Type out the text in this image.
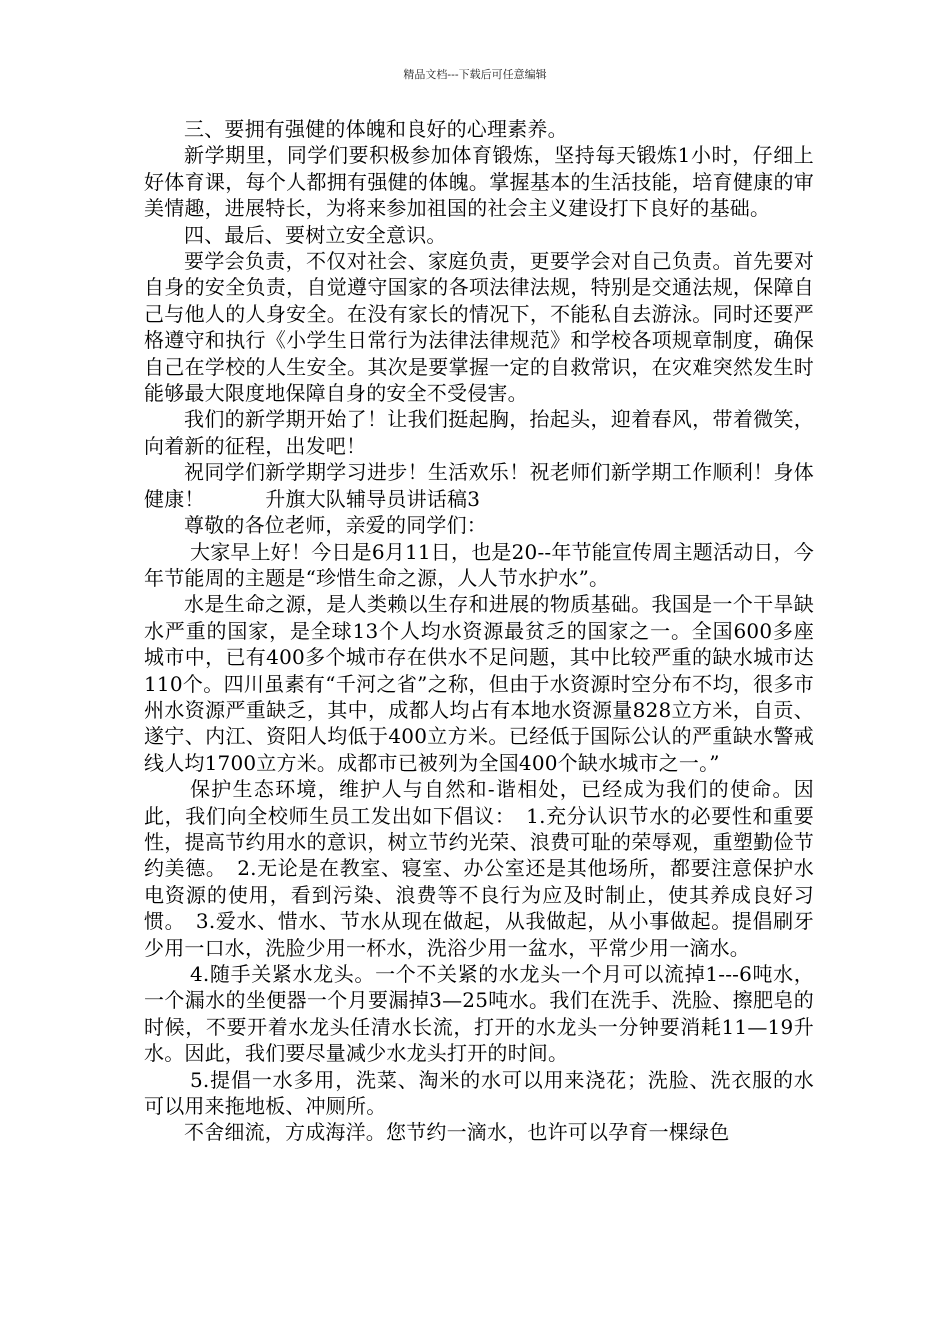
精品文档---下载后可任意编辑

三、要拥有强健的体魄和良好的心理素养。

新学期里，同学们要积极参加体育锻炼，坚持每天锻炼1小时，仔细上好体育课，每个人都拥有强健的体魄。掌握基本的生活技能，培育健康的审美情趣，进展特长，为将来参加祖国的社会主义建设打下良好的基础。

四、最后、要树立安全意识。

要学会负责，不仅对社会、家庭负责，更要学会对自己负责。首先要对自身的安全负责，自觉遵守国家的各项法律法规，特别是交通法规，保障自己与他人的人身安全。在没有家长的情况下，不能私自去游泳。同时还要严格遵守和执行《小学生日常行为法律法律规范》和学校各项规章制度，确保自己在学校的人生安全。其次是要掌握一定的自救常识，在灾难突然发生时能够最大限度地保障自身的安全不受侵害。

我们的新学期开始了！让我们挺起胸，抬起头，迎着春风，带着微笑，向着新的征程，出发吧！

祝同学们新学期学习进步！生活欢乐！祝老师们新学期工作顺利！身体健康！　　　升旗大队辅导员讲话稿3

尊敬的各位老师，亲爱的同学们：

大家早上好！今日是6月11日，也是20--年节能宣传周主题活动日，今年节能周的主题是“珍惜生命之源，人人节水护水”。

水是生命之源，是人类赖以生存和进展的物质基础。我国是一个干旱缺水严重的国家，是全球13个人均水资源最贫乏的国家之一。全国600多座城市中，已有400多个城市存在供水不足问题，其中比较严重的缺水城市达110个。四川虽素有“千河之省”之称，但由于水资源时空分布不均，很多市州水资源严重缺乏，其中，成都人均占有本地水资源量828立方米，自贡、遂宁、内江、资阳人均低于400立方米。已经低于国际公认的严重缺水警戒线人均1700立方米。成都市已被列为全国400个缺水城市之一。”

保护生态环境，维护人与自然和-谐相处，已经成为我们的使命。因此，我们向全校师生员工发出如下倡议：　1.充分认识节水的必要性和重要性，提高节约用水的意识，树立节约光荣、浪费可耻的荣辱观，重塑勤俭节约美德。　2.无论是在教室、寝室、办公室还是其他场所，都要注意保护水电资源的使用，看到污染、浪费等不良行为应及时制止，使其养成良好习惯。　3.爱水、惜水、节水从现在做起，从我做起，从小事做起。提倡刷牙少用一口水，洗脸少用一杯水，洗浴少用一盆水，平常少用一滴水。

4.随手关紧水龙头。一个不关紧的水龙头一个月可以流掉1---6吨水，一个漏水的坐便器一个月要漏掉3—25吨水。我们在洗手、洗脸、擦肥皂的时候，不要开着水龙头任清水长流，打开的水龙头一分钟要消耗11—19升水。因此，我们要尽量减少水龙头打开的时间。

5.提倡一水多用，洗菜、淘米的水可以用来浇花；洗脸、洗衣服的水可以用来拖地板、冲厕所。

不舍细流，方成海洋。您节约一滴水，也许可以孕育一棵绿色
